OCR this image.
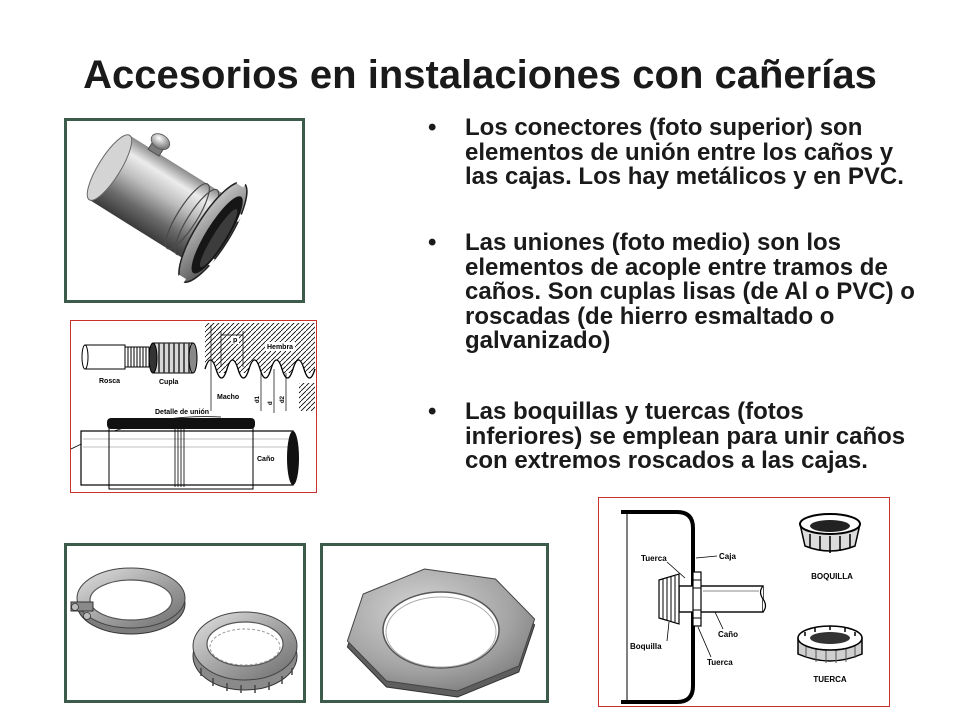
Accesorios en instalaciones con cañerías
• Los conectores (foto superior) son
elementos de unión entre los caños y
las cajas. Los hay metálicos y en PVC.
• Las uniones (foto medio) son los
elementos de acople entre tramos de
caños. Son cuplas lisas (de Al o PVC) o
roscadas (de hierro esmaltado o
galvanizado)
• Las boquillas y tuercas (fotos
inferiores) se emplean para unir caños
con extremos roscados a las cajas.
Rosca	Cupla
p
Hembra
Macho	d1
d
d2
Detalle de unión
Caño
Tuerca	Caja
Boquilla
Caño
Tuerca
BOQUILLA
TUERCA
